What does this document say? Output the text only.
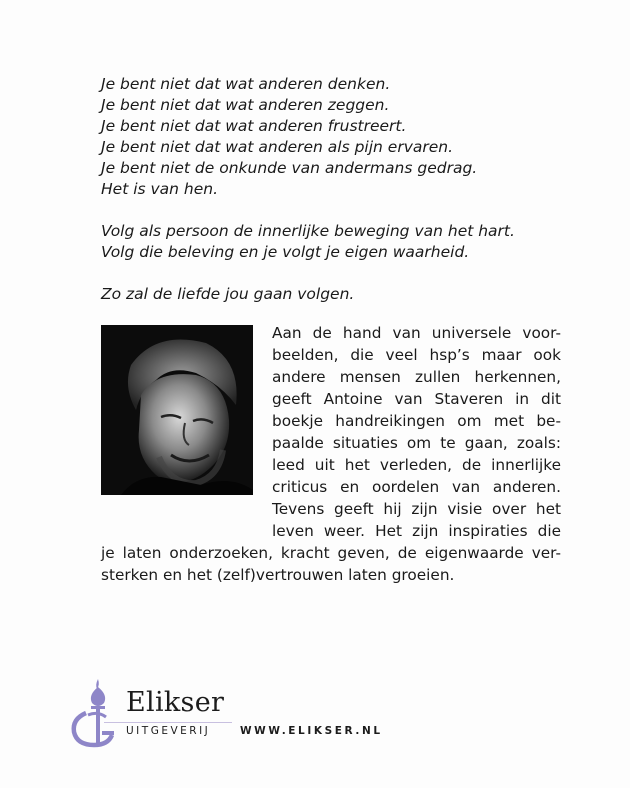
Je bent niet dat wat anderen denken.
Je bent niet dat wat anderen zeggen.
Je bent niet dat wat anderen frustreert.
Je bent niet dat wat anderen als pijn ervaren.
Je bent niet de onkunde van andermans gedrag.
Het is van hen.
Volg als persoon de innerlijke beweging van het hart.
Volg die beleving en je volgt je eigen waarheid.
Zo zal de liefde jou gaan volgen.
Aan de hand van universele voor-
beelden, die veel hsp’s maar ook
andere mensen zullen herkennen,
geeft Antoine van Staveren in dit
boekje handreikingen om met be-
paalde situaties om te gaan, zoals:
leed uit het verleden, de innerlijke
criticus en oordelen van anderen.
Tevens geeft hij zijn visie over het
leven weer. Het zijn inspiraties die
je laten onderzoeken, kracht geven, de eigenwaarde ver-
sterken en het (zelf)vertrouwen laten groeien.
Elikser
UITGEVERIJ	WWW.ELIKSER.NL
